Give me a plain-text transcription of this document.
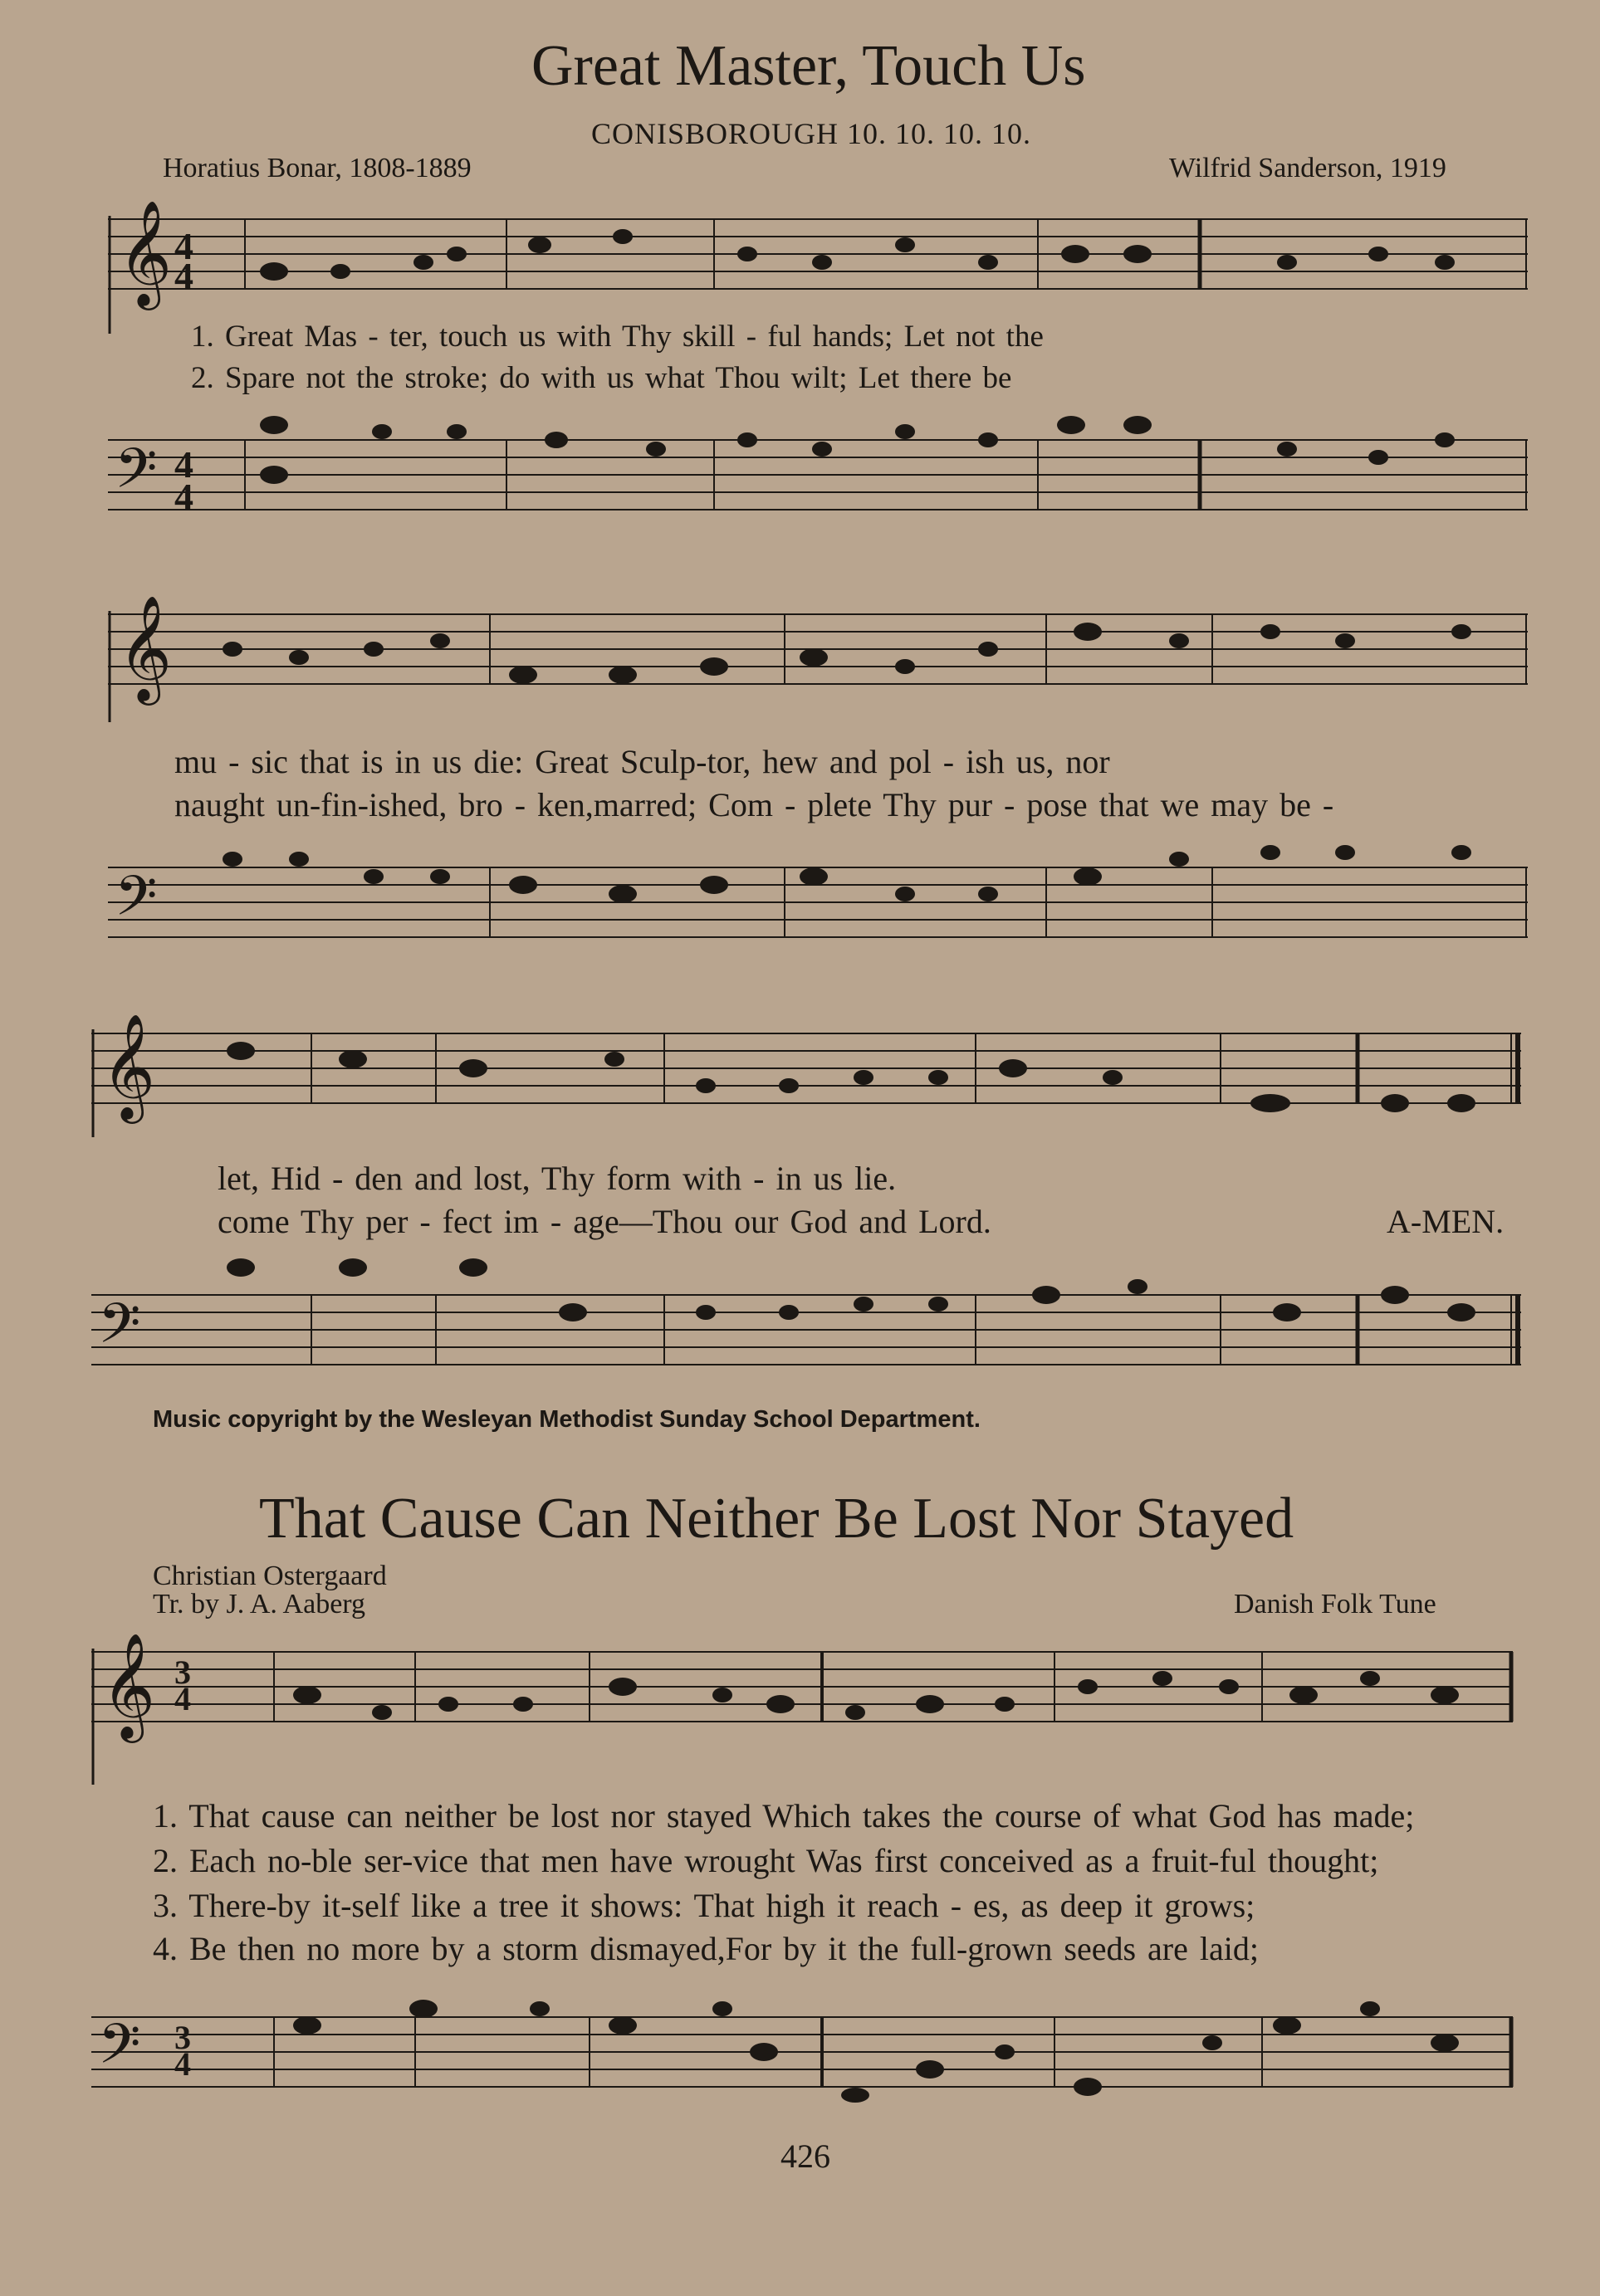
Great Master, Touch Us
CONISBOROUGH 10. 10. 10. 10.
Horatius Bonar, 1808-1889	Wilfrid Sanderson, 1919
𝄞 4
4
1. Great Mas - ter, touch us with Thy skill - ful hands; Let not the
2. Spare not the stroke; do with us what Thou wilt; Let there be
𝄢 4
4
𝄞
mu - sic that is in us die: Great Sculp-tor, hew and pol - ish us, nor
naught un-fin-ished, bro - ken,marred; Com - plete Thy pur - pose that we may be -
𝄢
𝄞
let, Hid - den and lost, Thy form with - in us lie.
come Thy per - fect im - age—Thou our God and Lord.	A-MEN.
𝄢
Music copyright by the Wesleyan Methodist Sunday School Department.
That Cause Can Neither Be Lost Nor Stayed
Christian Ostergaard
Tr. by J. A. Aaberg	Danish Folk Tune
𝄞 3
4
1. That cause can neither be lost nor stayed Which takes the course of what God has made;
2. Each no-ble ser-vice that men have wrought Was first conceived as a fruit-ful thought;
3. There-by it-self like a tree it shows: That high it reach - es, as deep it grows;
4. Be then no more by a storm dismayed,For by it the full-grown seeds are laid;
𝄢 3
4
426
